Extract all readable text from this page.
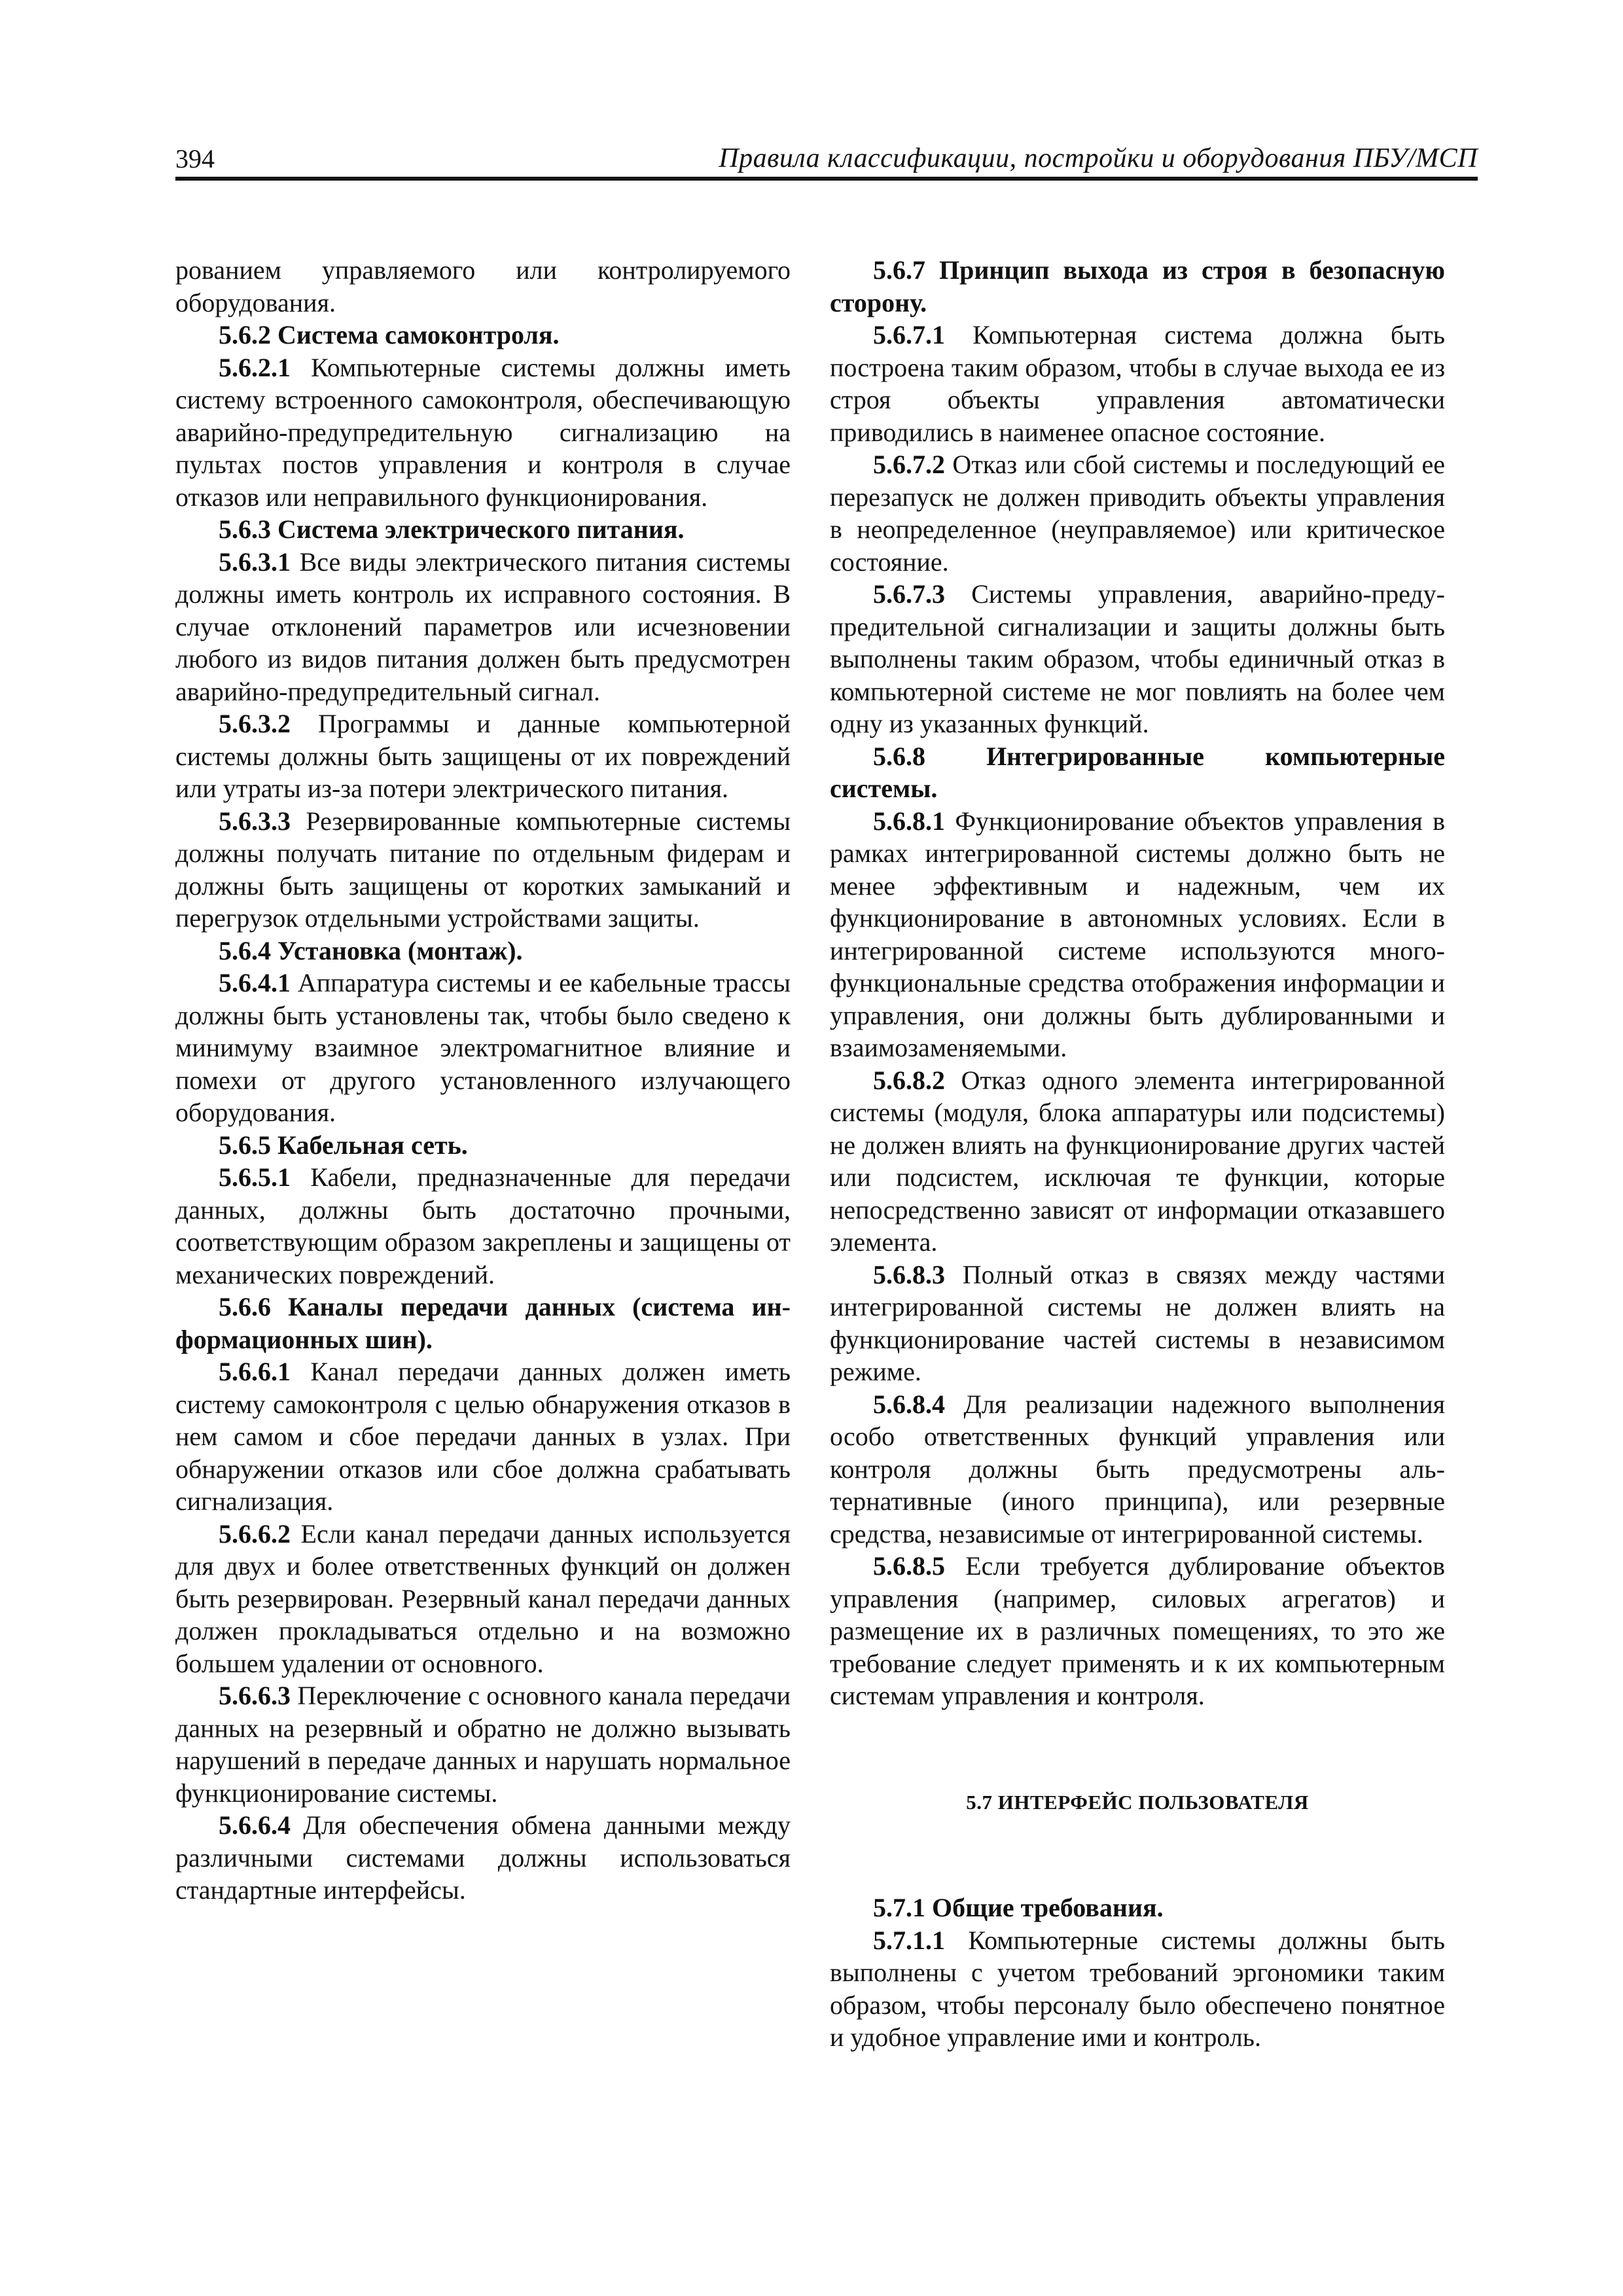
394	Правила классификации, постройки и оборудования ПБУ/МСП

рованием управляемого или контролируемого оборудования.

5.6.2 Система самоконтроля.

5.6.2.1 Компьютерные системы должны иметь систему встроенного самоконтроля, обеспечивающую аварийно-предупредительную сигнализацию на пультах постов управления и контроля в случае отказов или неправильного функционирования.

5.6.3 Система электрического питания.

5.6.3.1 Все виды электрического питания системы должны иметь контроль их исправного состояния. В случае отклонений параметров или исчезновении любого из видов питания должен быть предусмотрен аварийно-предупредительный сигнал.

5.6.3.2 Программы и данные компьютерной системы должны быть защищены от их повреждений или утраты из-за потери электрического питания.

5.6.3.3 Резервированные компьютерные системы должны получать питание по отдельным фидерам и должны быть защищены от коротких замыканий и перегрузок отдельными устройствами защиты.

5.6.4 Установка (монтаж).

5.6.4.1 Аппаратура системы и ее кабельные трассы должны быть установлены так, чтобы было сведено к минимуму взаимное электромагнитное влияние и помехи от другого установленного излучающего оборудования.

5.6.5 Кабельная сеть.

5.6.5.1 Кабели, предназначенные для передачи данных, должны быть достаточно прочными, соответствующим образом закреплены и защищены от механических повреждений.

5.6.6 Каналы передачи данных (система информационных шин).

5.6.6.1 Канал передачи данных должен иметь систему самоконтроля с целью обнаружения отказов в нем самом и сбое передачи данных в узлах. При обнаружении отказов или сбое должна срабатывать сигнализация.

5.6.6.2 Если канал передачи данных используется для двух и более ответственных функций он должен быть резервирован. Резервный канал передачи данных должен прокладываться отдельно и на возможно большем удалении от основного.

5.6.6.3 Переключение с основного канала передачи данных на резервный и обратно не должно вызывать нарушений в передаче данных и нарушать нормальное функционирование системы.

5.6.6.4 Для обеспечения обмена данными между различными системами должны использоваться стандартные интерфейсы.

5.6.7 Принцип выхода из строя в безопасную сторону.

5.6.7.1 Компьютерная система должна быть построена таким образом, чтобы в случае выхода ее из строя объекты управления автоматически приводились в наименее опасное состояние.

5.6.7.2 Отказ или сбой системы и последующий ее перезапуск не должен приводить объекты управления в неопределенное (неуправляемое) или критическое состояние.

5.6.7.3 Системы управления, аварийно-предупредительной сигнализации и защиты должны быть выполнены таким образом, чтобы единичный отказ в компьютерной системе не мог повлиять на более чем одну из указанных функций.

5.6.8 Интегрированные компьютерные системы.

5.6.8.1 Функционирование объектов управления в рамках интегрированной системы должно быть не менее эффективным и надежным, чем их функционирование в автономных условиях. Если в интегрированной системе используются многофункциональные средства отображения информации и управления, они должны быть дублированными и взаимозаменяемыми.

5.6.8.2 Отказ одного элемента интегрированной системы (модуля, блока аппаратуры или подсистемы) не должен влиять на функционирование других частей или подсистем, исключая те функции, которые непосредственно зависят от информации отказавшего элемента.

5.6.8.3 Полный отказ в связях между частями интегрированной системы не должен влиять на функционирование частей системы в независимом режиме.

5.6.8.4 Для реализации надежного выполнения особо ответственных функций управления или контроля должны быть предусмотрены альтернативные (иного принципа), или резервные средства, независимые от интегрированной системы.

5.6.8.5 Если требуется дублирование объектов управления (например, силовых агрегатов) и размещение их в различных помещениях, то это же требование следует применять и к их компьютерным системам управления и контроля.

5.7 ИНТЕРФЕЙС ПОЛЬЗОВАТЕЛЯ

5.7.1 Общие требования.

5.7.1.1 Компьютерные системы должны быть выполнены с учетом требований эргономики таким образом, чтобы персоналу было обеспечено понятное и удобное управление ими и контроль.
